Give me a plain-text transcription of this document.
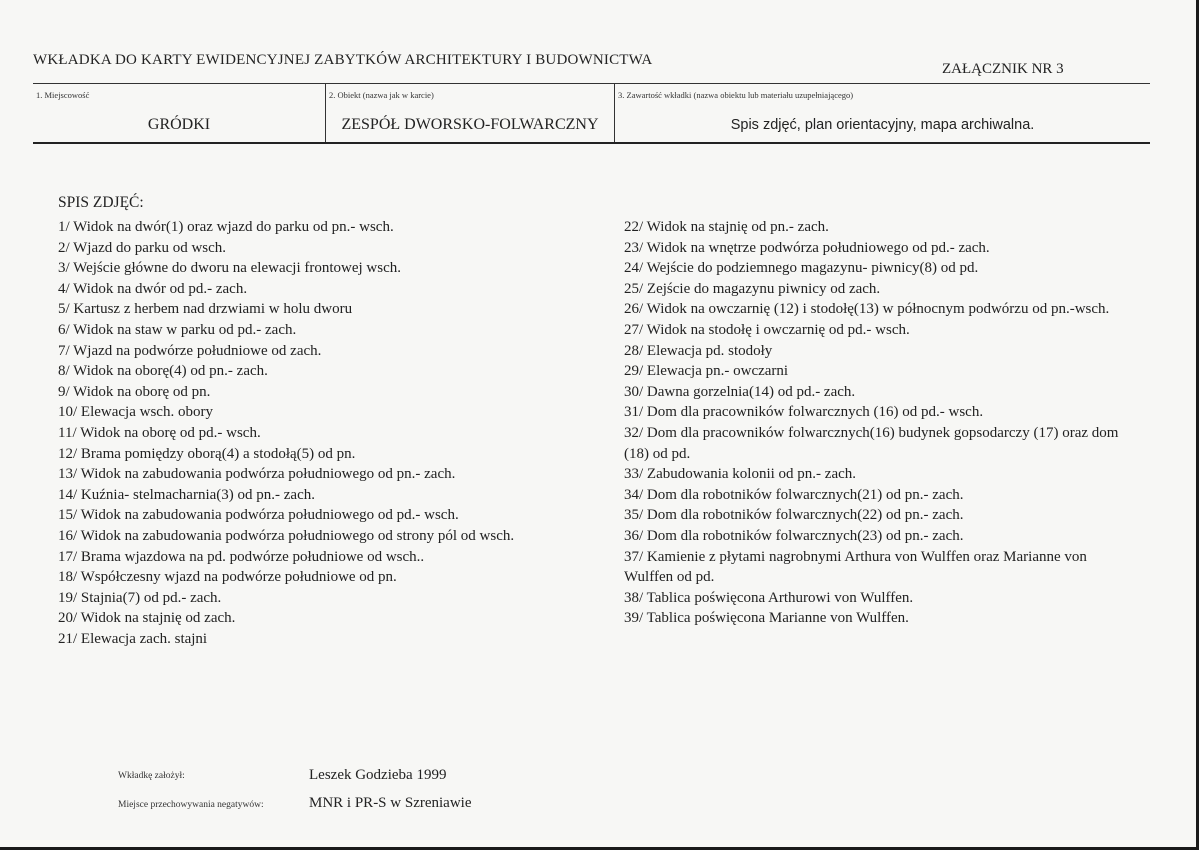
WKŁADKA DO KARTY EWIDENCYJNEJ ZABYTKÓW ARCHITEKTURY I BUDOWNICTWA
ZAŁĄCZNIK NR 3
1. Miejscowość
GRÓDKI
2. Obiekt (nazwa jak w karcie)
ZESPÓŁ DWORSKO-FOLWARCZNY
3. Zawartość wkładki (nazwa obiektu lub materiału uzupełniającego)
Spis zdjęć, plan orientacyjny, mapa archiwalna.
SPIS ZDJĘĆ:
1/ Widok na dwór(1) oraz wjazd do parku od pn.- wsch.
2/ Wjazd do parku od wsch.
3/ Wejście główne do dworu na elewacji frontowej wsch.
4/ Widok na dwór od pd.- zach.
5/ Kartusz z herbem nad drzwiami w holu dworu
6/ Widok na staw w parku od pd.- zach.
7/ Wjazd na podwórze południowe od zach.
8/ Widok na oborę(4) od pn.- zach.
9/ Widok na oborę od pn.
10/ Elewacja wsch. obory
11/ Widok na oborę od pd.- wsch.
12/ Brama pomiędzy oborą(4) a stodołą(5) od pn.
13/ Widok na zabudowania podwórza południowego od pn.- zach.
14/ Kuźnia- stelmacharnia(3) od pn.- zach.
15/ Widok na zabudowania podwórza południowego od pd.- wsch.
16/ Widok na zabudowania podwórza południowego od strony pól od wsch.
17/ Brama wjazdowa na pd. podwórze południowe od wsch..
18/ Współczesny wjazd na podwórze południowe od pn.
19/ Stajnia(7) od pd.- zach.
20/ Widok na stajnię od zach.
21/ Elewacja zach. stajni
22/ Widok na stajnię od pn.- zach.
23/ Widok na wnętrze podwórza południowego od pd.- zach.
24/ Wejście do podziemnego magazynu- piwnicy(8) od pd.
25/ Zejście do magazynu piwnicy od zach.
26/ Widok na owczarnię (12) i stodołę(13) w północnym podwórzu od pn.-wsch.
27/ Widok na stodołę i owczarnię od pd.- wsch.
28/ Elewacja pd. stodoły
29/ Elewacja pn.- owczarni
30/ Dawna gorzelnia(14) od pd.- zach.
31/ Dom dla pracowników folwarcznych (16) od pd.- wsch.
32/ Dom dla pracowników folwarcznych(16) budynek gopsodarczy (17) oraz dom (18) od pd.
33/ Zabudowania kolonii od pn.- zach.
34/ Dom dla robotników folwarcznych(21) od pn.- zach.
35/ Dom dla robotników folwarcznych(22) od pn.- zach.
36/ Dom dla robotników folwarcznych(23) od pn.- zach.
37/ Kamienie z płytami nagrobnymi Arthura von Wulffen oraz Marianne von Wulffen od pd.
38/ Tablica poświęcona Arthurowi von Wulffen.
39/ Tablica poświęcona Marianne von Wulffen.
Wkładkę założył:	Leszek Godzieba 1999
Miejsce przechowywania negatywów:	MNR i PR-S w Szreniawie
